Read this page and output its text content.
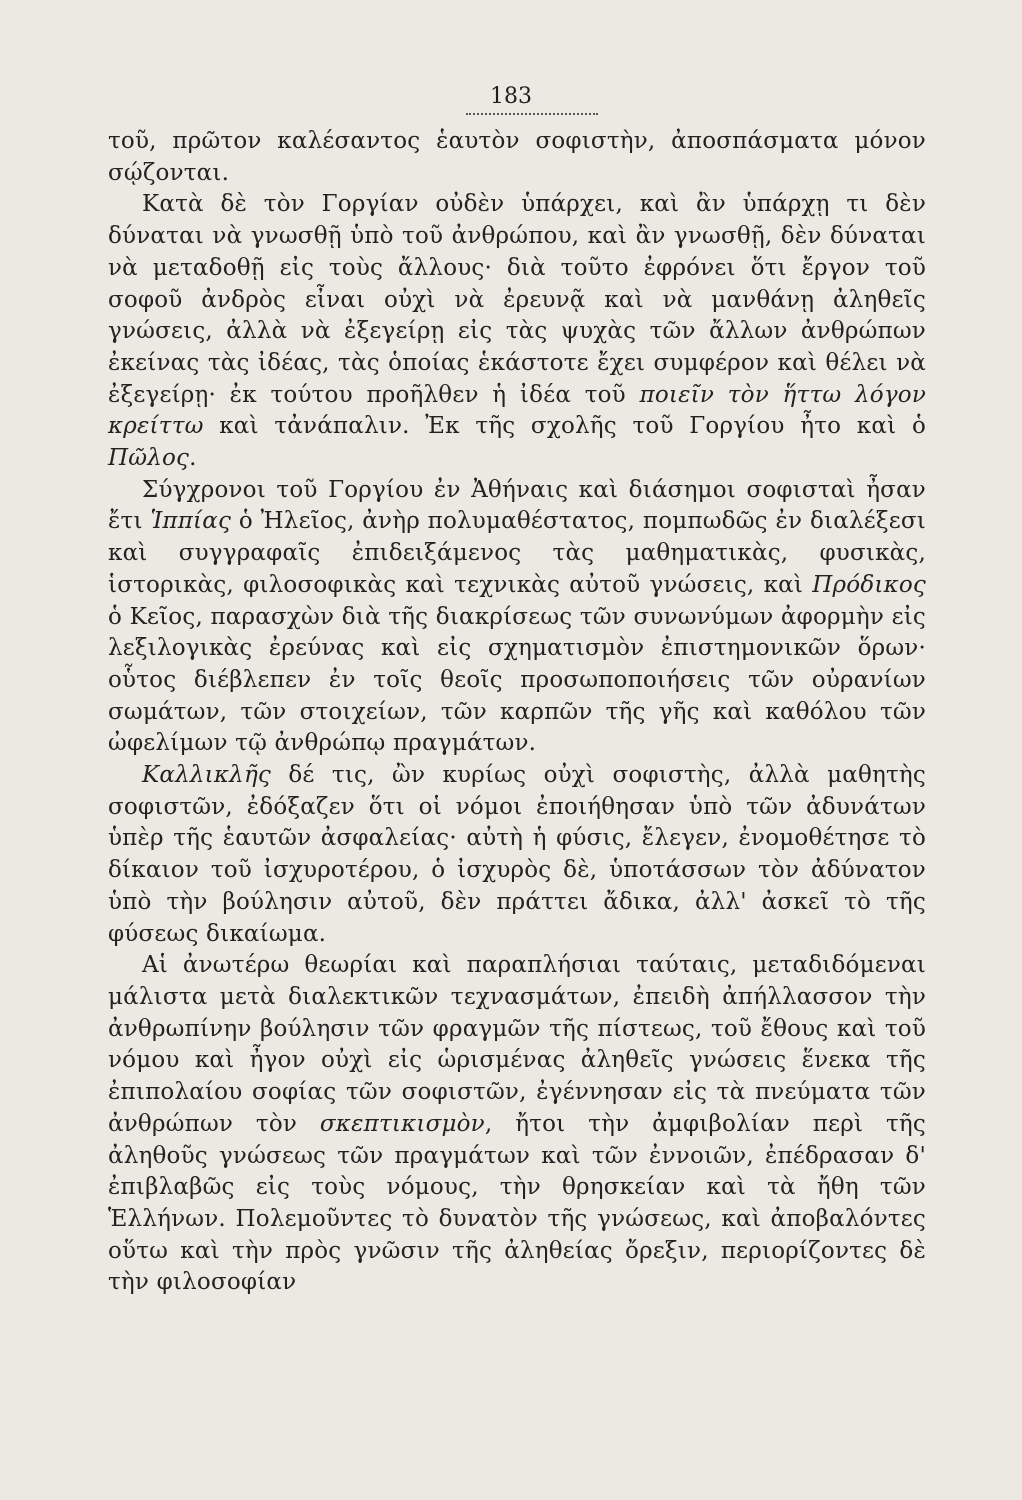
183

τοῦ, πρῶτον καλέσαντος ἑαυτὸν σοφιστὴν, ἀποσπάσματα μόνον σῴζονται.

Κατὰ δὲ τὸν Γοργίαν οὐδὲν ὑπάρχει, καὶ ἂν ὑπάρχῃ τι δὲν δύναται νὰ γνωσθῇ ὑπὸ τοῦ ἀνθρώπου, καὶ ἂν γνωσθῇ, δὲν δύναται νὰ μεταδοθῇ εἰς τοὺς ἄλλους· διὰ τοῦτο ἐφρόνει ὅτι ἔργον τοῦ σοφοῦ ἀνδρὸς εἶναι οὐχὶ νὰ ἐρευνᾷ καὶ νὰ μανθάνῃ ἀληθεῖς γνώσεις, ἀλλὰ νὰ ἐξεγείρῃ εἰς τὰς ψυχὰς τῶν ἄλλων ἀνθρώπων ἐκείνας τὰς ἰδέας, τὰς ὁποίας ἑκάστοτε ἔχει συμφέρον καὶ θέλει νὰ ἐξεγείρῃ· ἐκ τούτου προῆλθεν ἡ ἰδέα τοῦ ποιεῖν τὸν ἥττω λόγον κρείττω καὶ τἀνάπαλιν. Ἐκ τῆς σχολῆς τοῦ Γοργίου ἦτο καὶ ὁ Πῶλος.

Σύγχρονοι τοῦ Γοργίου ἐν Ἀθήναις καὶ διάσημοι σοφισταὶ ἦσαν ἔτι Ἱππίας ὁ Ἠλεῖος, ἀνὴρ πολυμαθέστατος, πομπωδῶς ἐν διαλέξεσι καὶ συγγραφαῖς ἐπιδειξάμενος τὰς μαθηματικὰς, φυσικὰς, ἱστορικὰς, φιλοσοφικὰς καὶ τεχνικὰς αὐτοῦ γνώσεις, καὶ Πρόδικος ὁ Κεῖος, παρασχὼν διὰ τῆς διακρίσεως τῶν συνωνύμων ἀφορμὴν εἰς λεξιλογικὰς ἐρεύνας καὶ εἰς σχηματισμὸν ἐπιστημονικῶν ὅρων· οὗτος διέβλεπεν ἐν τοῖς θεοῖς προσωποποιήσεις τῶν οὐρανίων σωμάτων, τῶν στοιχείων, τῶν καρπῶν τῆς γῆς καὶ καθόλου τῶν ὠφελίμων τῷ ἀνθρώπῳ πραγμάτων.

Καλλικλῆς δέ τις, ὢν κυρίως οὐχὶ σοφιστὴς, ἀλλὰ μαθητὴς σοφιστῶν, ἐδόξαζεν ὅτι οἱ νόμοι ἐποιήθησαν ὑπὸ τῶν ἀδυνάτων ὑπὲρ τῆς ἑαυτῶν ἀσφαλείας· αὐτὴ ἡ φύσις, ἔλεγεν, ἐνομοθέτησε τὸ δίκαιον τοῦ ἰσχυροτέρου, ὁ ἰσχυρὸς δὲ, ὑποτάσσων τὸν ἀδύνατον ὑπὸ τὴν βούλησιν αὐτοῦ, δὲν πράττει ἄδικα, ἀλλ' ἀσκεῖ τὸ τῆς φύσεως δικαίωμα.

Αἱ ἀνωτέρω θεωρίαι καὶ παραπλήσιαι ταύταις, μεταδιδόμεναι μάλιστα μετὰ διαλεκτικῶν τεχνασμάτων, ἐπειδὴ ἀπήλλασσον τὴν ἀνθρωπίνην βούλησιν τῶν φραγμῶν τῆς πίστεως, τοῦ ἔθους καὶ τοῦ νόμου καὶ ἦγον οὐχὶ εἰς ὡρισμένας ἀληθεῖς γνώσεις ἕνεκα τῆς ἐπιπολαίου σοφίας τῶν σοφιστῶν, ἐγέννησαν εἰς τὰ πνεύματα τῶν ἀνθρώπων τὸν σκεπτικισμὸν, ἤτοι τὴν ἀμφιβολίαν περὶ τῆς ἀληθοῦς γνώσεως τῶν πραγμάτων καὶ τῶν ἐννοιῶν, ἐπέδρασαν δ' ἐπιβλαβῶς εἰς τοὺς νόμους, τὴν θρησκείαν καὶ τὰ ἤθη τῶν Ἑλλήνων. Πολεμοῦντες τὸ δυνατὸν τῆς γνώσεως, καὶ ἀποβαλόντες οὕτω καὶ τὴν πρὸς γνῶσιν τῆς ἀληθείας ὄρεξιν, περιορίζοντες δὲ τὴν φιλοσοφίαν
